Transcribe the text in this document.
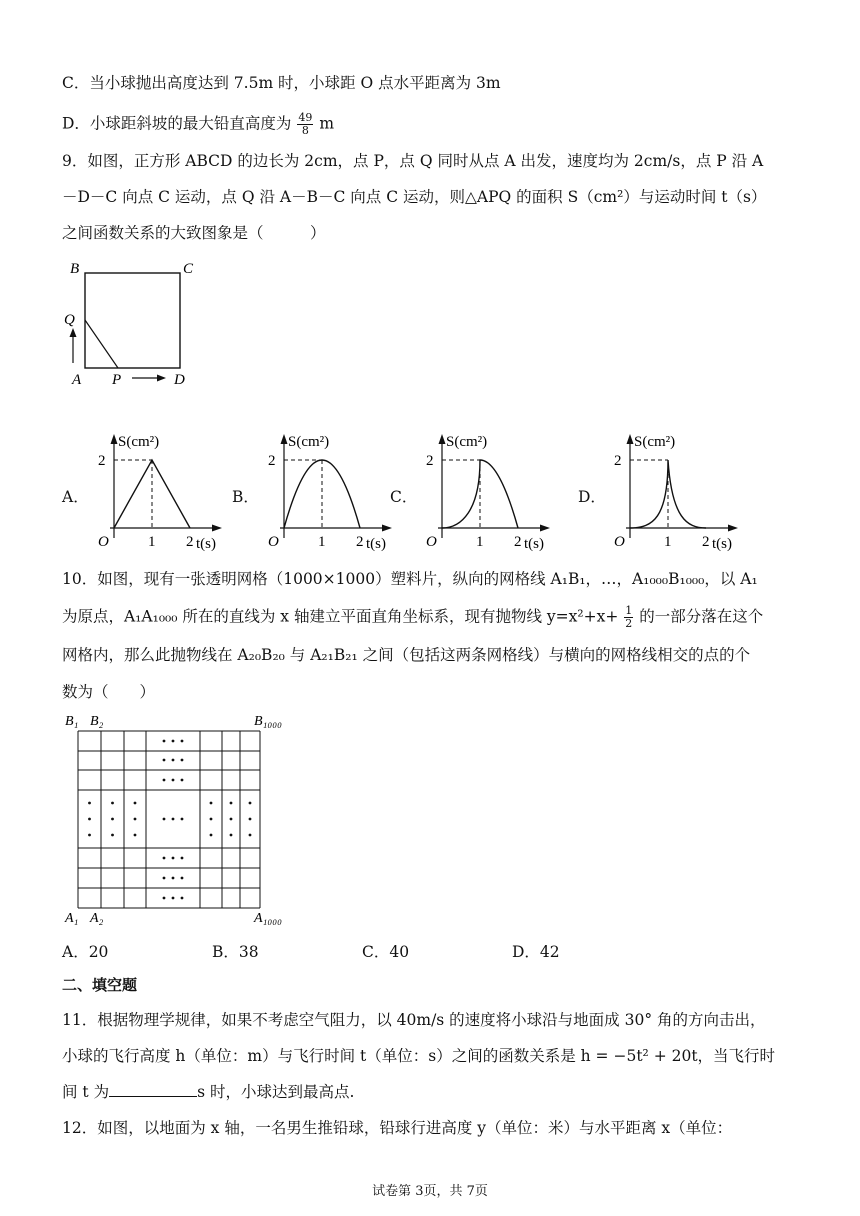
C．当小球抛出高度达到 7.5m 时，小球距 O 点水平距离为 3m
D．小球距斜坡的最大铅直高度为 $\frac{49}{8}$ m
9．如图，正方形 ABCD 的边长为 2cm，点 P，点 Q 同时从点 A 出发，速度均为 2cm/s，点 P 沿 A
－D－C 向点 C 运动，点 Q 沿 A－B－C 向点 C 运动，则△APQ 的面积 S（cm²）与运动时间 t（s）
之间函数关系的大致图象是（　　　）
B	C
Q
A P	D
A．
S(cm²)
2
O	1 2 t(s)
B．
S(cm²)
2
O	1 2 t(s)
C．
S(cm²)
2
O	1 2 t(s)
D．
S(cm²)
2
O	1 2 t(s)
10．如图，现有一张透明网格（1000×1000）塑料片，纵向的网格线 A₁B₁，…，A₁₀₀₀B₁₀₀₀，以 A₁
为原点，A₁A₁₀₀₀ 所在的直线为 x 轴建立平面直角坐标系，现有抛物线 $y=x^2+x+ \frac{1}{2}$ 的一部分落在这个
网格内，那么此抛物线在 A₂₀B₂₀ 与 A₂₁B₂₁ 之间（包括这两条网格线）与横向的网格线相交的点的个
数为（　　）
B₁ B₂	B₁₀₀₀
A₁ A₂	A₁₀₀₀
A．20	B．38	C．40	D．42
二、填空题
11．根据物理学规律，如果不考虑空气阻力，以 40m/s 的速度将小球沿与地面成 30° 角的方向击出，
小球的飞行高度 h（单位：m）与飞行时间 t（单位：s）之间的函数关系是 h = −5t² + 20t，当飞行时
间 t 为	s 时，小球达到最高点.
12．如图，以地面为 x 轴，一名男生推铅球，铅球行进高度 y（单位：米）与水平距离 x（单位：
试卷第 3页，共 7页
